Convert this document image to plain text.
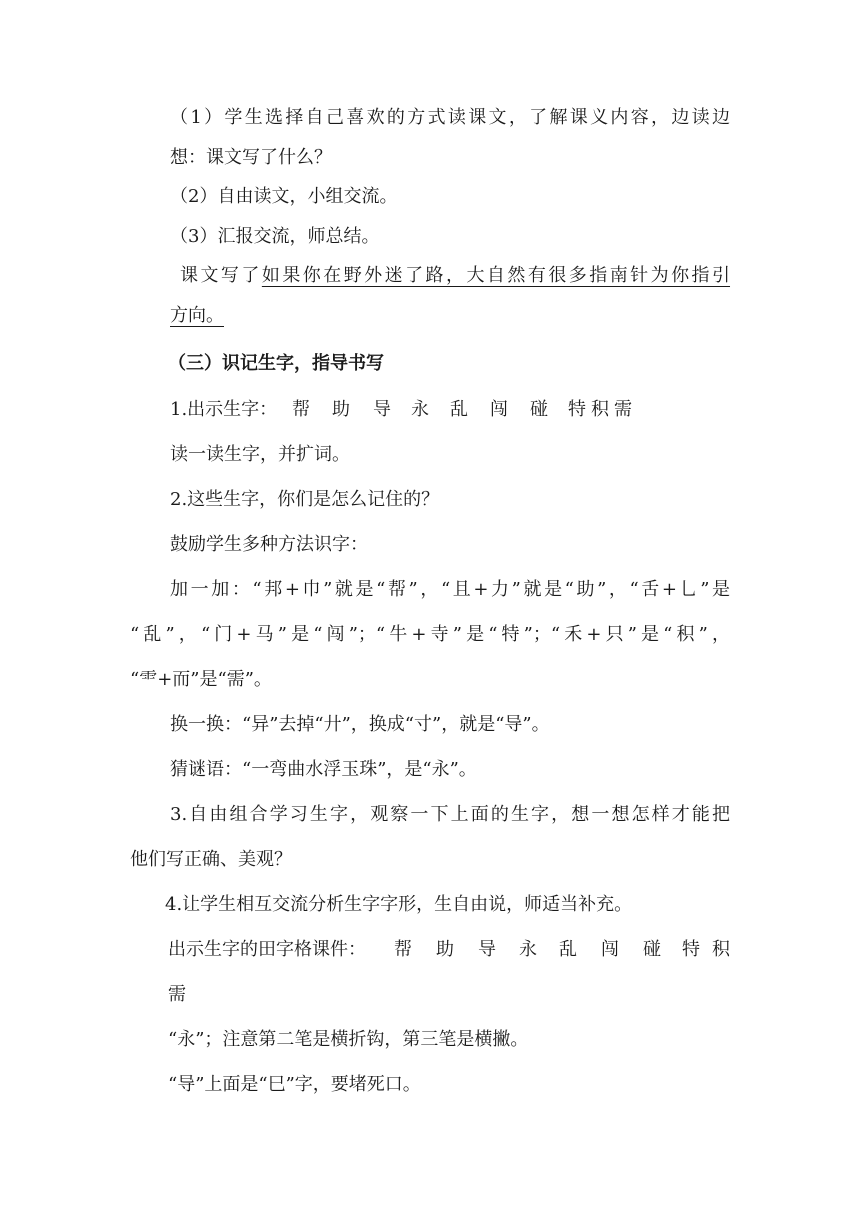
（1）学生选择自己喜欢的方式读课文，了解课义内容，边读边
想：课文写了什么？
（2）自由读文，小组交流。
（3）汇报交流，师总结。
课文写了如果你在野外迷了路，大自然有很多指南针为你指引
方向。
（三）识记生字，指导书写
1.出示生字： 帮 助 导 永 乱 闯 碰 特 积 需
读一读生字，并扩词。
2.这些生字，你们是怎么记住的？
鼓励学生多种方法识字：
加一加：“邦+巾”就是“帮”，“且+力”就是“助”，“舌+乚”是
“乱”，“门+马”是“闯”；“牛+寺”是“特”；“禾+只”是“积”，
“⻗+而”是“需”。
换一换：“异”去掉“廾”，换成“寸”，就是“导”。
猜谜语：“一弯曲水浮玉珠”，是“永”。
3.自由组合学习生字，观察一下上面的生字，想一想怎样才能把
他们写正确、美观？
4.让学生相互交流分析生字字形，生自由说，师适当补充。
出示生字的田字格课件： 帮 助 导 永 乱 闯 碰 特 积
需
“永”；注意第二笔是横折钩，第三笔是横撇。
“导”上面是“巳”字，要堵死口。
